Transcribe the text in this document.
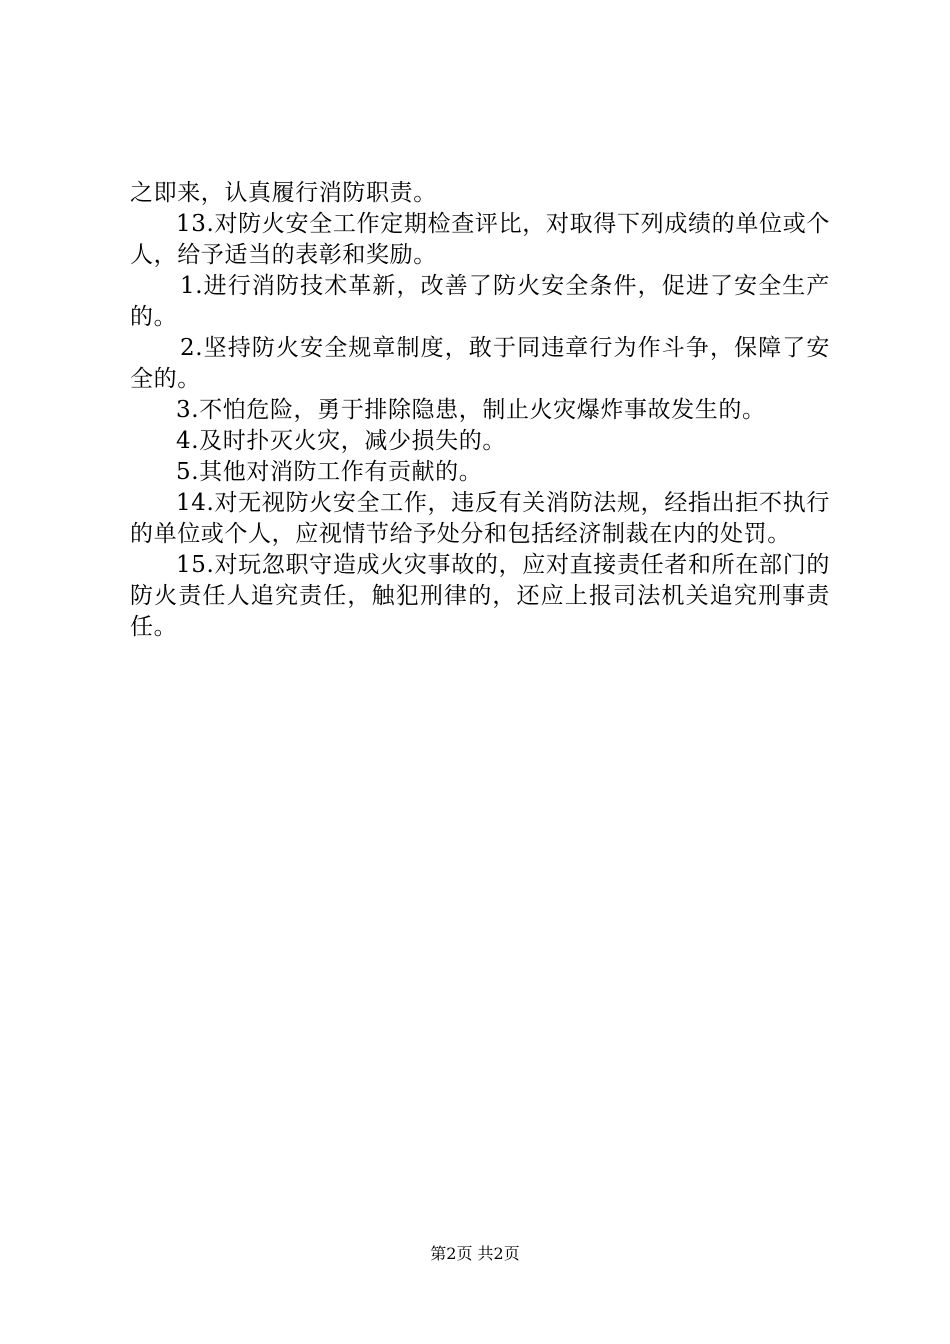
之即来，认真履行消防职责。

13.对防火安全工作定期检查评比，对取得下列成绩的单位或个人，给予适当的表彰和奖励。

1.进行消防技术革新，改善了防火安全条件，促进了安全生产的。

2.坚持防火安全规章制度，敢于同违章行为作斗争，保障了安全的。

3.不怕危险，勇于排除隐患，制止火灾爆炸事故发生的。

4.及时扑灭火灾，减少损失的。

5.其他对消防工作有贡献的。

14.对无视防火安全工作，违反有关消防法规，经指出拒不执行的单位或个人，应视情节给予处分和包括经济制裁在内的处罚。

15.对玩忽职守造成火灾事故的，应对直接责任者和所在部门的防火责任人追究责任，触犯刑律的，还应上报司法机关追究刑事责任。

第2页 共2页
